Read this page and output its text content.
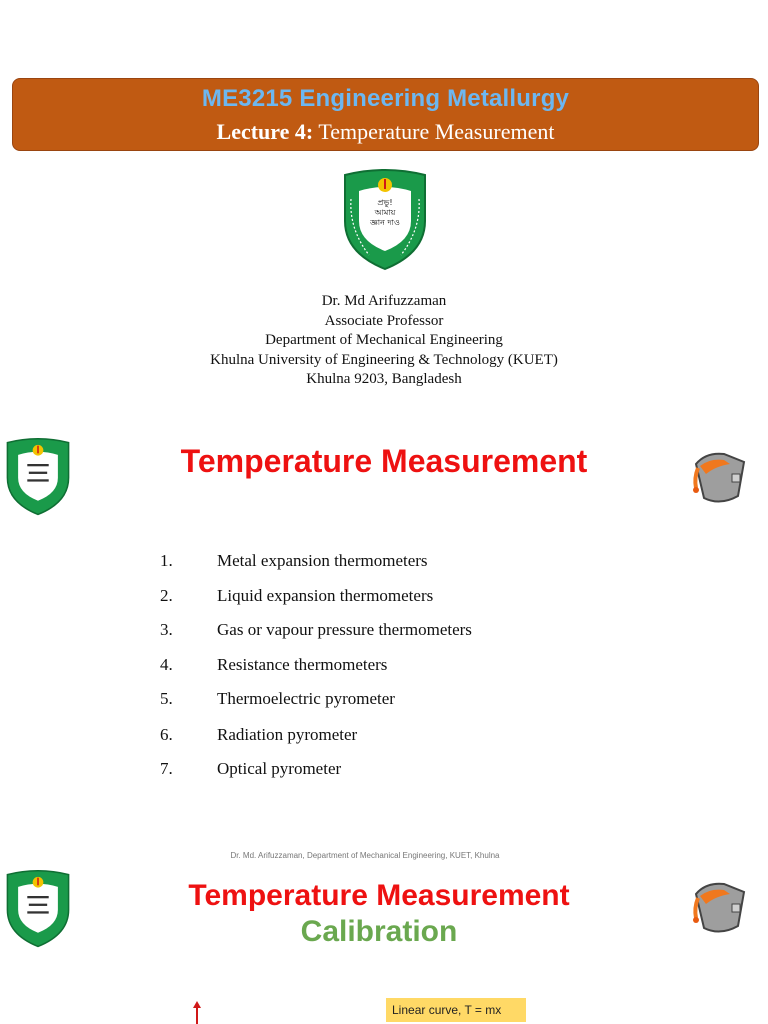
ME3215 Engineering Metallurgy
Lecture 4: Temperature Measurement
প্রভু!
আমায়
জ্ঞান দাও
Dr. Md Arifuzzaman
Associate Professor
Department of Mechanical Engineering
Khulna University of Engineering & Technology (KUET)
Khulna 9203, Bangladesh
Temperature Measurement
1.	Metal expansion thermometers
2.	Liquid expansion thermometers
3.	Gas or vapour pressure thermometers
4.	Resistance thermometers
5.	Thermoelectric pyrometer
6.	Radiation pyrometer
7.	Optical pyrometer
Dr. Md. Arifuzzaman, Department of Mechanical Engineering, KUET, Khulna
Temperature Measurement
Calibration
Linear curve, T = mx
